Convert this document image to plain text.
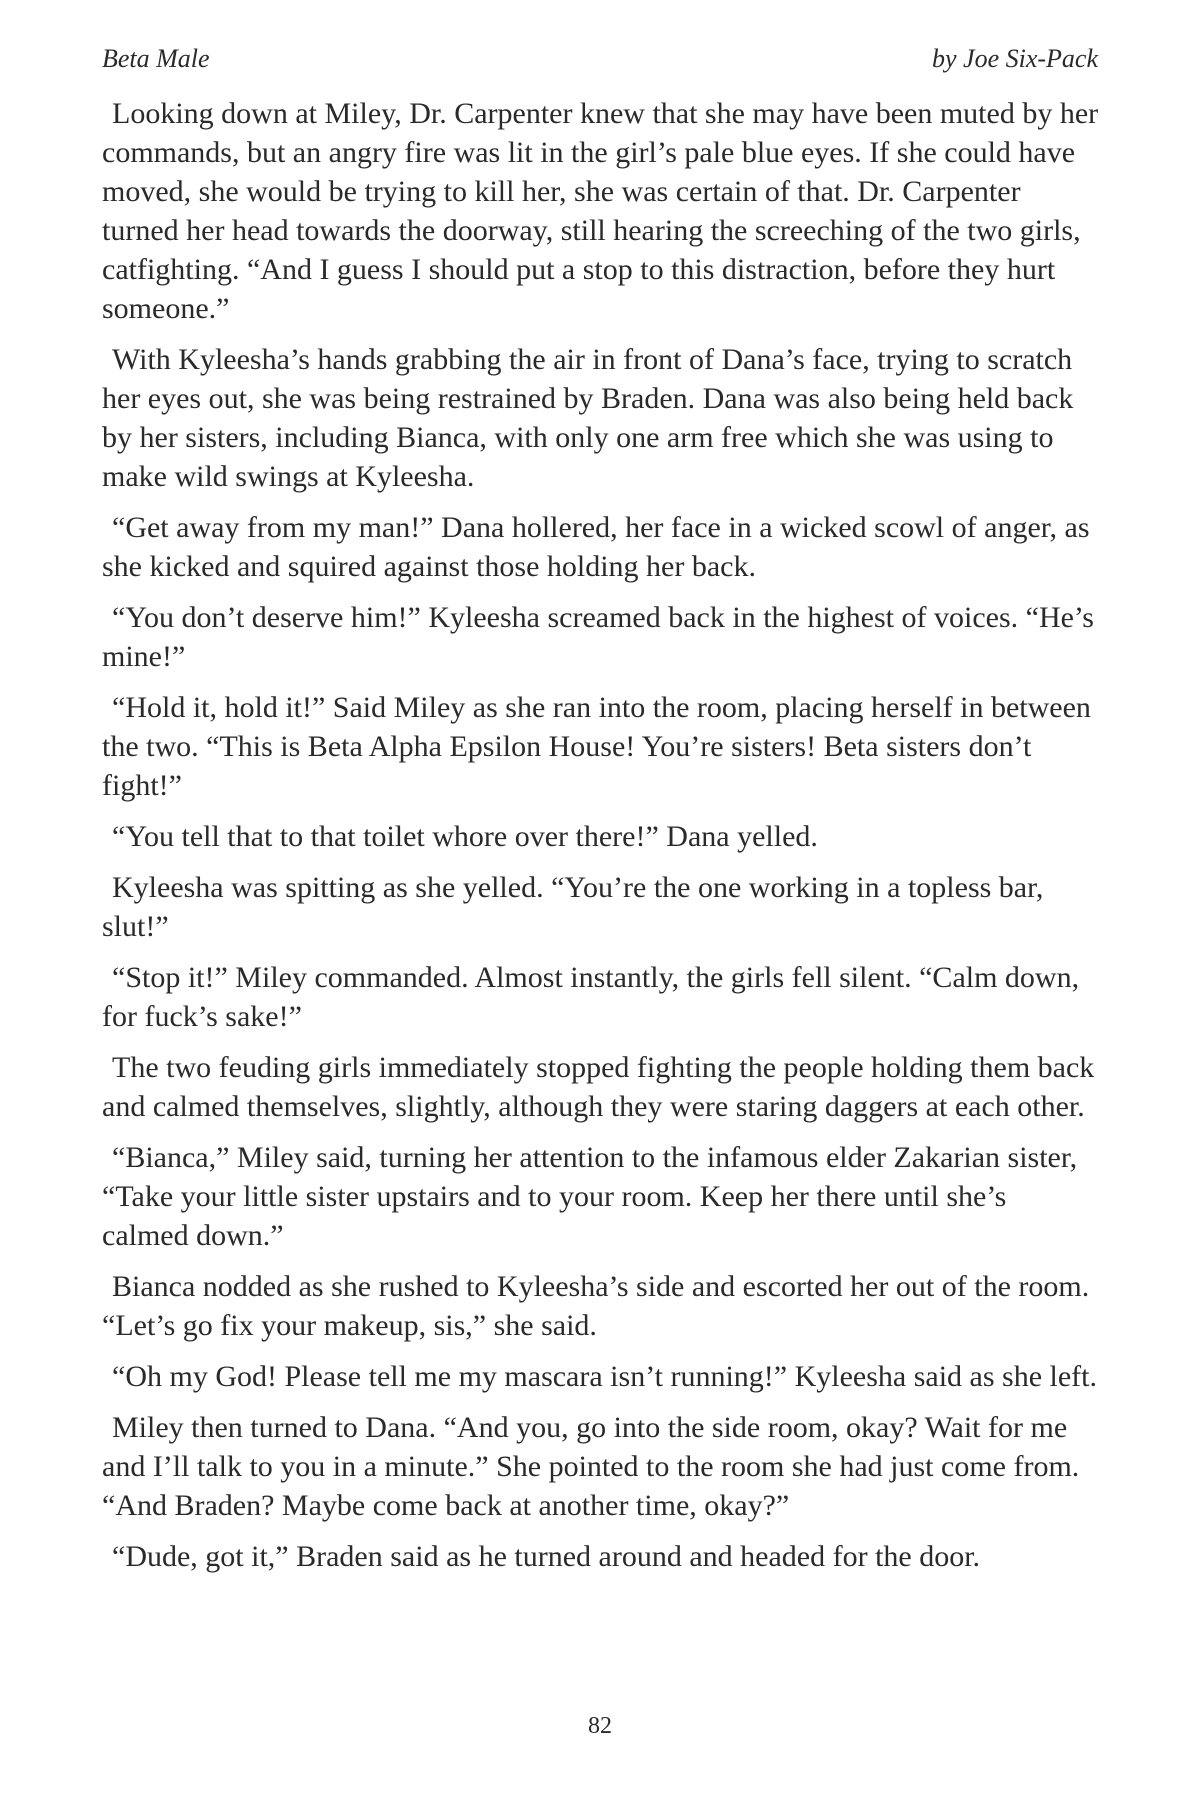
Beta Male	by Joe Six-Pack

Looking down at Miley, Dr. Carpenter knew that she may have been muted by her commands, but an angry fire was lit in the girl’s pale blue eyes. If she could have moved, she would be trying to kill her, she was certain of that. Dr. Carpenter turned her head towards the doorway, still hearing the screeching of the two girls, catfighting. “And I guess I should put a stop to this distraction, before they hurt someone.”

With Kyleesha’s hands grabbing the air in front of Dana’s face, trying to scratch her eyes out, she was being restrained by Braden. Dana was also being held back by her sisters, including Bianca, with only one arm free which she was using to make wild swings at Kyleesha.

“Get away from my man!” Dana hollered, her face in a wicked scowl of anger, as she kicked and squired against those holding her back.

“You don’t deserve him!” Kyleesha screamed back in the highest of voices. “He’s mine!”

“Hold it, hold it!” Said Miley as she ran into the room, placing herself in between the two. “This is Beta Alpha Epsilon House! You’re sisters! Beta sisters don’t fight!”

“You tell that to that toilet whore over there!” Dana yelled.

Kyleesha was spitting as she yelled. “You’re the one working in a topless bar, slut!”

“Stop it!” Miley commanded. Almost instantly, the girls fell silent. “Calm down, for fuck’s sake!”

The two feuding girls immediately stopped fighting the people holding them back and calmed themselves, slightly, although they were staring daggers at each other.

“Bianca,” Miley said, turning her attention to the infamous elder Zakarian sister, “Take your little sister upstairs and to your room. Keep her there until she’s calmed down.”

Bianca nodded as she rushed to Kyleesha’s side and escorted her out of the room. “Let’s go fix your makeup, sis,” she said.

“Oh my God! Please tell me my mascara isn’t running!” Kyleesha said as she left.

Miley then turned to Dana. “And you, go into the side room, okay? Wait for me and I’ll talk to you in a minute.” She pointed to the room she had just come from. “And Braden? Maybe come back at another time, okay?”

“Dude, got it,” Braden said as he turned around and headed for the door.

82
